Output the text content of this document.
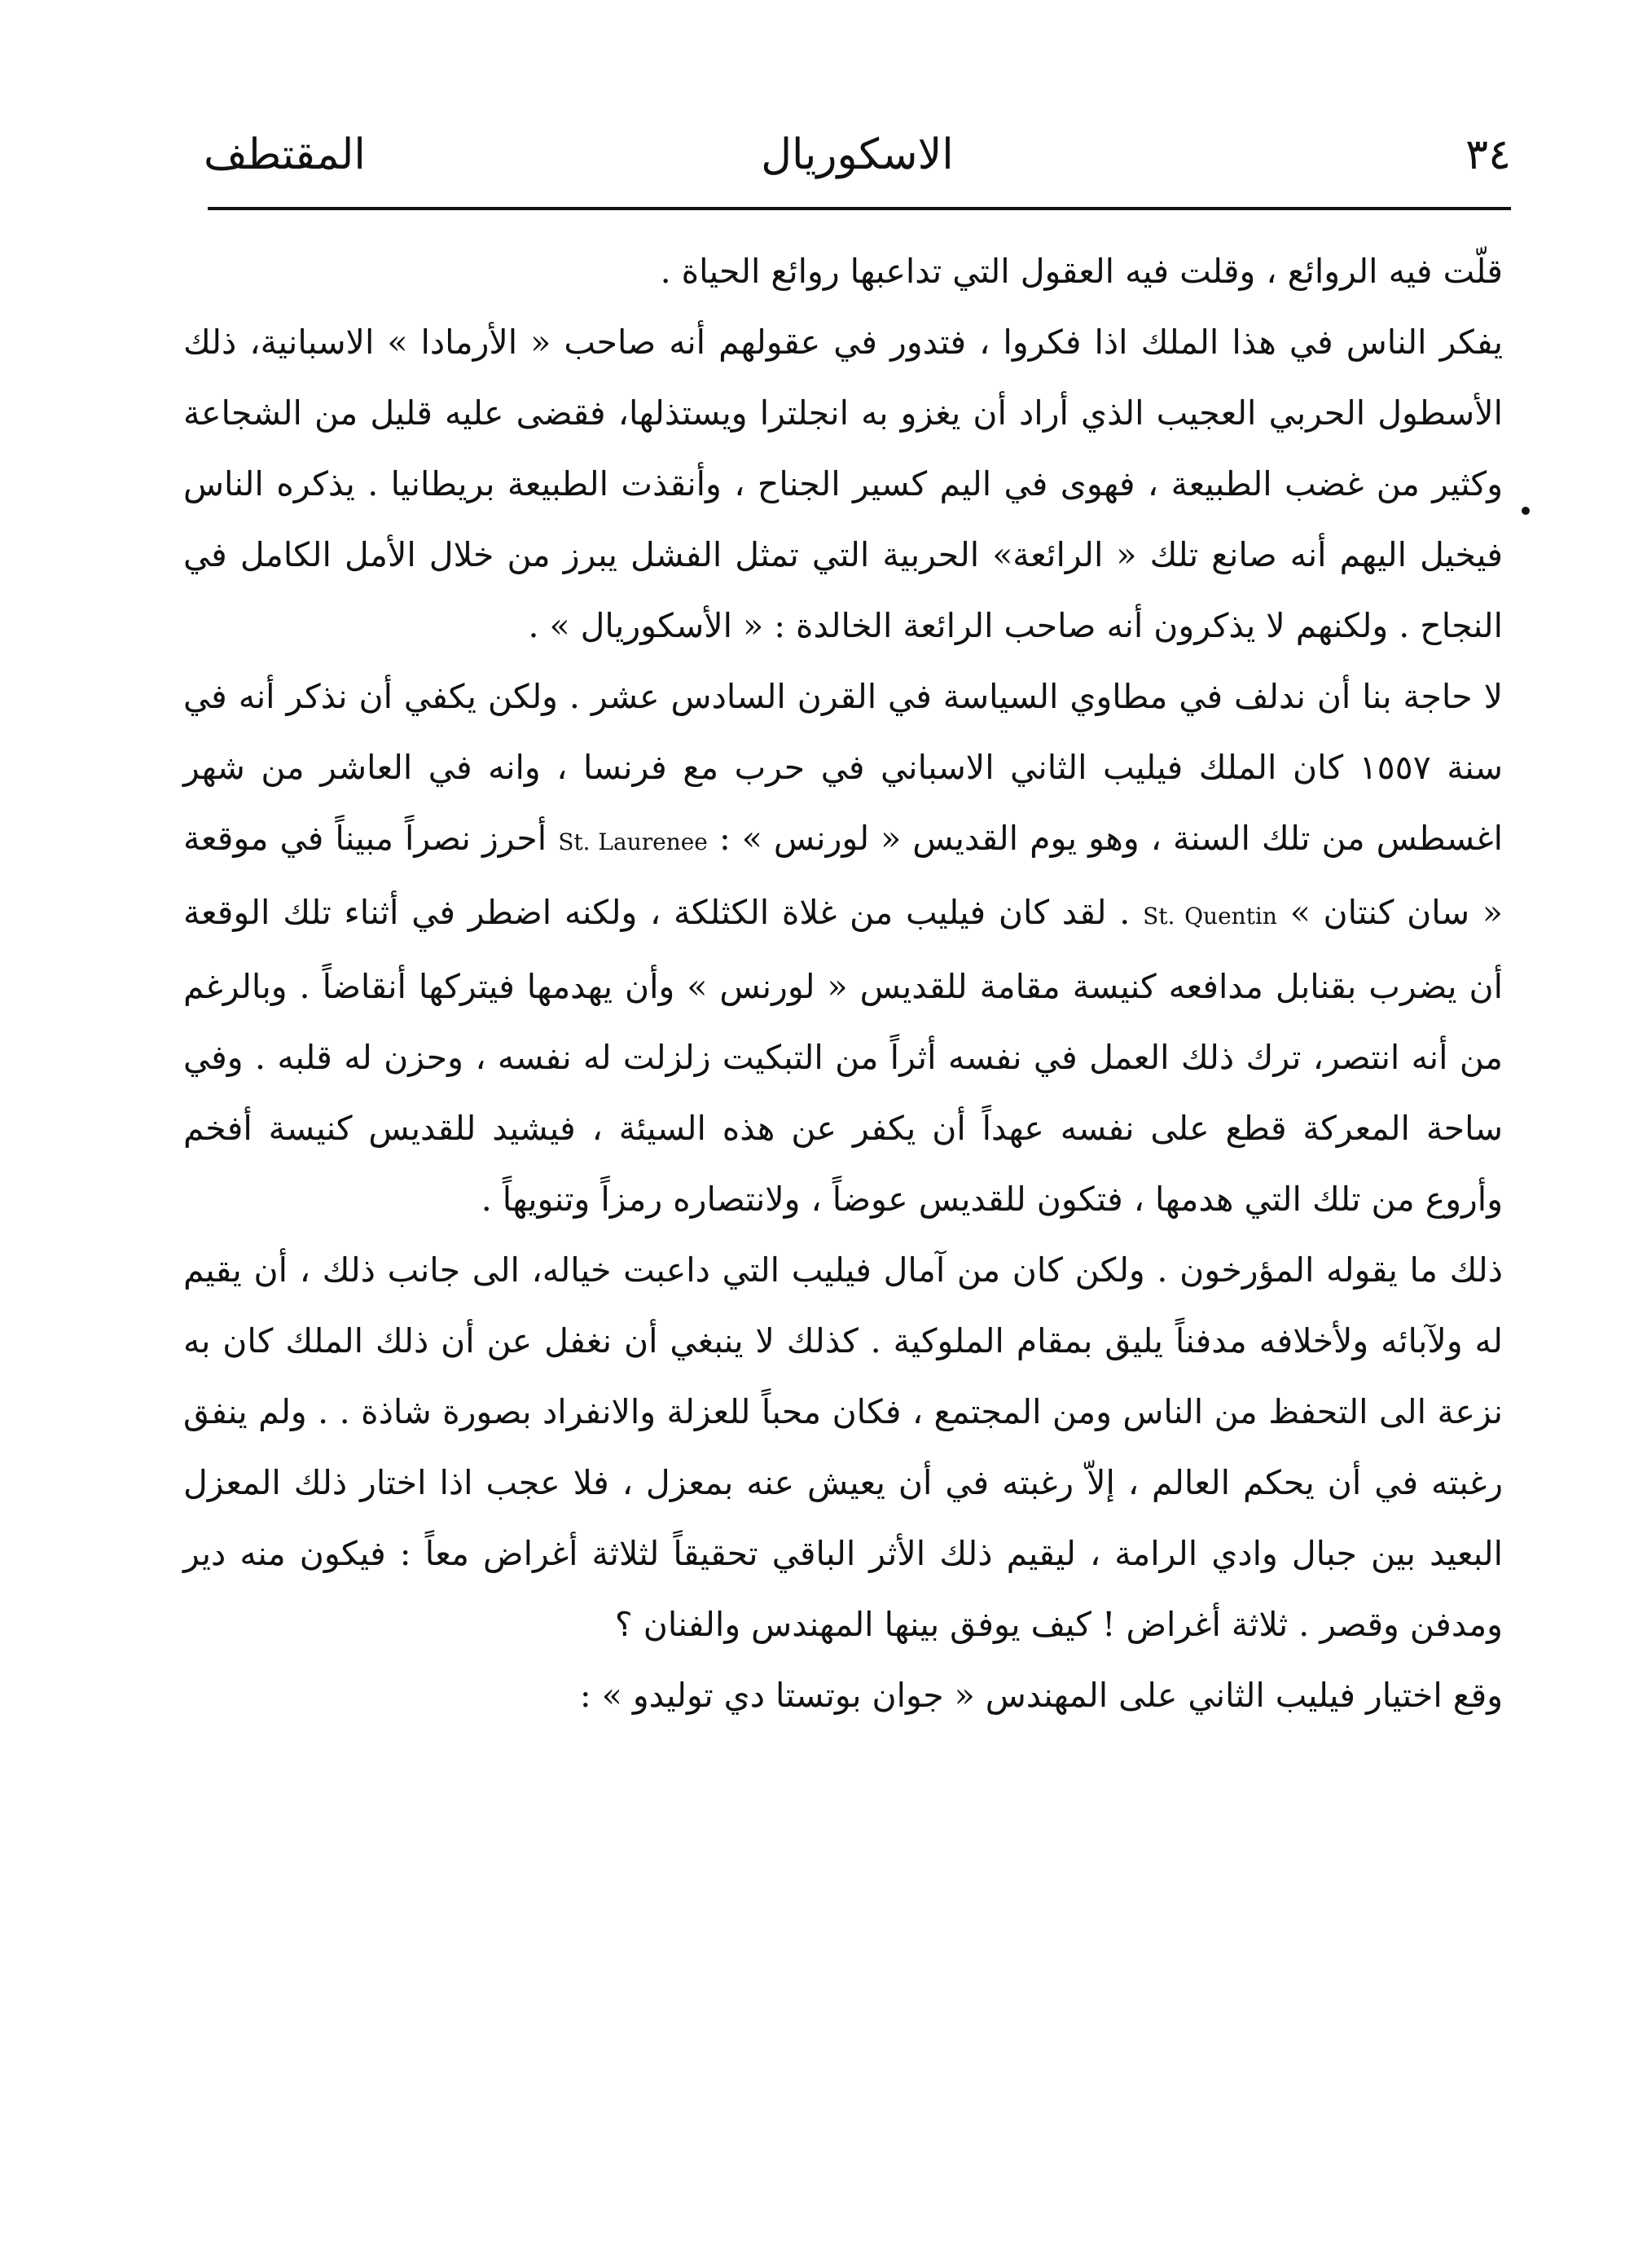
٣٤
الاسكوريال
المقتطف

قلّت فيه الروائع ، وقلت فيه العقول التي تداعبها روائع الحياة .

يفكر الناس في هذا الملك اذا فكروا ، فتدور في عقولهم أنه صاحب « الأرمادا » الاسبانية، ذلك الأسطول الحربي العجيب الذي أراد أن يغزو به انجلترا ويستذلها، فقضى عليه قليل من الشجاعة وكثير من غضب الطبيعة ، فهوى في اليم كسير الجناح ، وأنقذت الطبيعة بريطانيا . يذكره الناس فيخيل اليهم أنه صانع تلك « الرائعة» الحربية التي تمثل الفشل يبرز من خلال الأمل الكامل في النجاح . ولكنهم لا يذكرون أنه صاحب الرائعة الخالدة : « الأسكوريال » .

لا حاجة بنا أن ندلف في مطاوي السياسة في القرن السادس عشر . ولكن يكفي أن نذكر أنه في سنة ١٥٥٧ كان الملك فيليب الثاني الاسباني في حرب مع فرنسا ، وانه في العاشر من شهر اغسطس من تلك السنة ، وهو يوم القديس « لورنس » : St. Laurenee أحرز نصراً مبيناً في موقعة « سان كنتان » St. Quentin . لقد كان فيليب من غلاة الكثلكة ، ولكنه اضطر في أثناء تلك الوقعة أن يضرب بقنابل مدافعه كنيسة مقامة للقديس « لورنس » وأن يهدمها فيتركها أنقاضاً . وبالرغم من أنه انتصر، ترك ذلك العمل في نفسه أثراً من التبكيت زلزلت له نفسه ، وحزن له قلبه . وفي ساحة المعركة قطع على نفسه عهداً أن يكفر عن هذه السيئة ، فيشيد للقديس كنيسة أفخم وأروع من تلك التي هدمها ، فتكون للقديس عوضاً ، ولانتصاره رمزاً وتنويهاً .

ذلك ما يقوله المؤرخون . ولكن كان من آمال فيليب التي داعبت خياله، الى جانب ذلك ، أن يقيم له ولآبائه ولأخلافه مدفناً يليق بمقام الملوكية . كذلك لا ينبغي أن نغفل عن أن ذلك الملك كان به نزعة الى التحفظ من الناس ومن المجتمع ، فكان محباً للعزلة والانفراد بصورة شاذة . . ولم ينفق رغبته في أن يحكم العالم ، إلاّ رغبته في أن يعيش عنه بمعزل ، فلا عجب اذا اختار ذلك المعزل البعيد بين جبال وادي الرامة ، ليقيم ذلك الأثر الباقي تحقيقاً لثلاثة أغراض معاً : فيكون منه دير ومدفن وقصر . ثلاثة أغراض ! كيف يوفق بينها المهندس والفنان ؟

وقع اختيار فيليب الثاني على المهندس « جوان بوتستا دي توليدو » :
